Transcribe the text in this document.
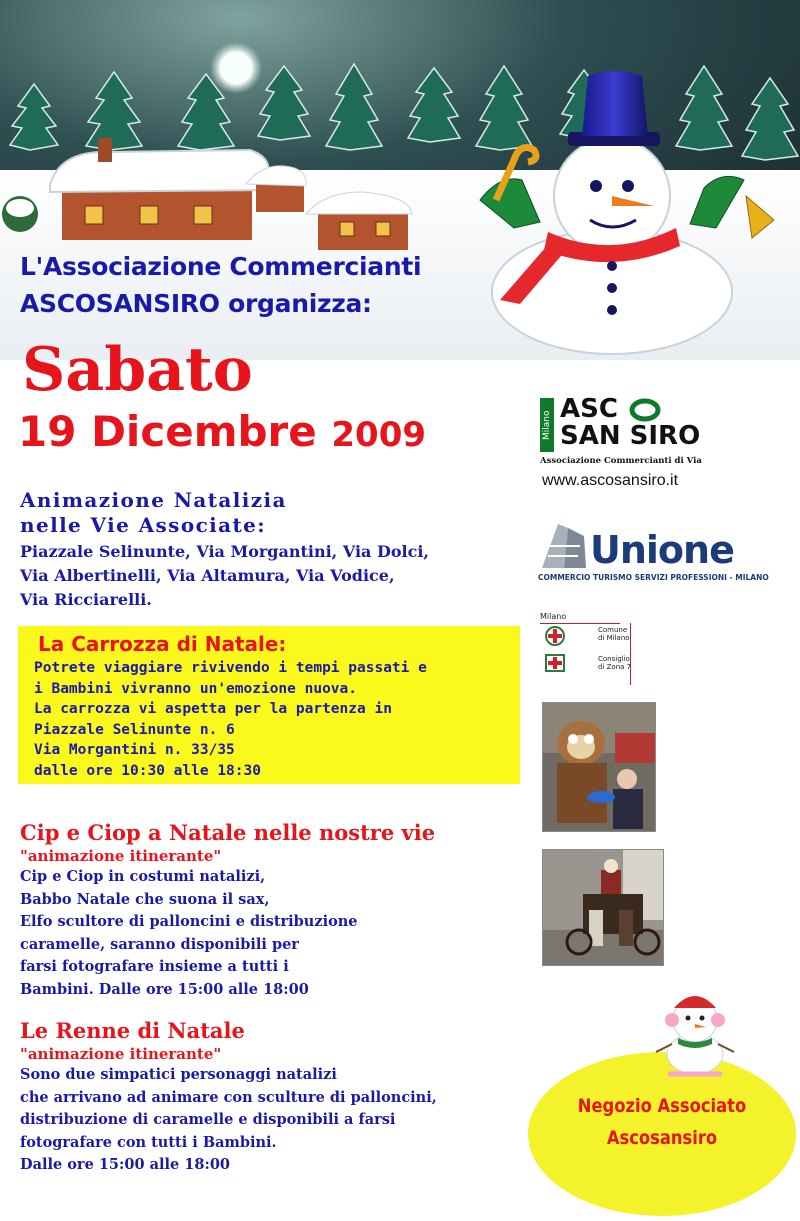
L'Associazione Commercianti
ASCOSANSIRO organizza:
Sabato
19 Dicembre 2009
Animazione Natalizia
nelle Vie Associate:
Piazzale Selinunte, Via Morgantini, Via Dolci,
Via Albertinelli, Via Altamura, Via Vodice,
Via Ricciarelli.
La Carrozza di Natale:
Potrete viaggiare rivivendo i tempi passati e
i Bambini vivranno un'emozione nuova.
La carrozza vi aspetta per la partenza in
Piazzale Selinunte n. 6
Via Morgantini n. 33/35
dalle ore 10:30 alle 18:30
Cip e Ciop a Natale nelle nostre vie
"animazione itinerante"
Cip e Ciop in costumi natalizi,
Babbo Natale che suona il sax,
Elfo scultore di palloncini e distribuzione
caramelle, saranno disponibili per
farsi fotografare insieme a tutti i
Bambini. Dalle ore 15:00 alle 18:00
Le Renne di Natale
"animazione itinerante"
Sono due simpatici personaggi natalizi
che arrivano ad animare con sculture di palloncini,
distribuzione di caramelle e disponibili a farsi
fotografare con tutti i Bambini.
Dalle ore 15:00 alle 18:00
Milano
ASC
SAN SIRO
Associazione Commercianti di Via
www.ascosansiro.it
Unione
COMMERCIO TURISMO SERVIZI PROFESSIONI - MILANO
Milano
Comune
di Milano
Consiglio
di Zona 7
Negozio Associato
Ascosansiro
